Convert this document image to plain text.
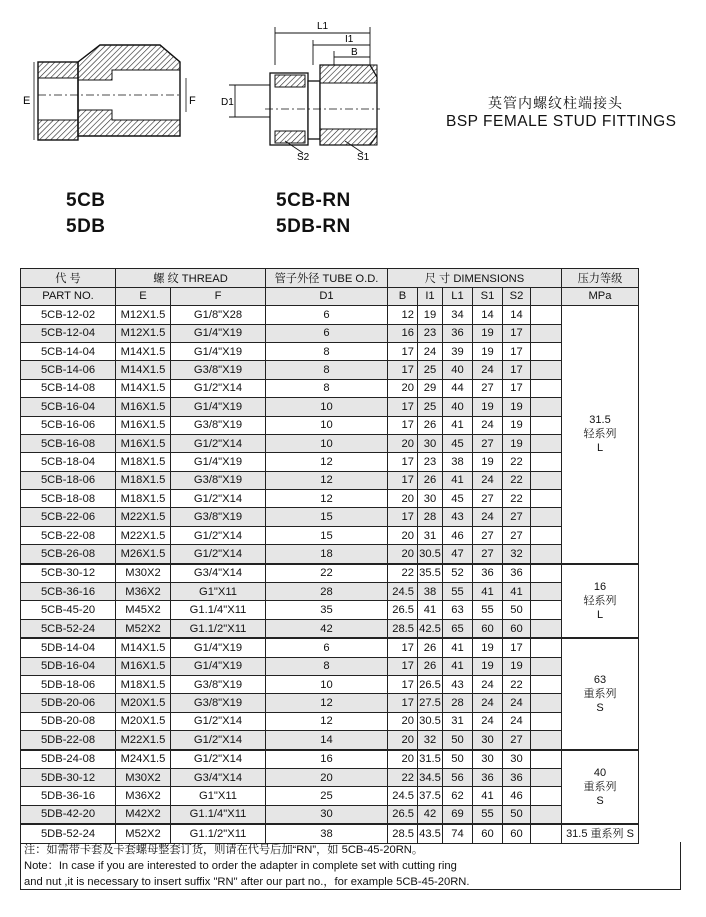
E	F
L1
I1
B
D1
S2	S1
英管内螺纹柱端接头
BSP FEMALE STUD FITTINGS
5CB
5DB
5CB-RN
5DB-RN
代 号	螺 纹 THREAD		管子外径 TUBE O.D.	尺 寸 DIMENSIONS						压力等级
PART NO.	E	F	D1	B	I1	L1	S1	S2		MPa
5CB-12-02	M12X1.5	G1/8"X28	6	12	19	34	14	14		31.5
轻系列
L

5CB-12-04	M12X1.5	G1/4"X19	6	16	23	36	19	17		
5CB-14-04	M14X1.5	G1/4"X19	8	17	24	39	19	17		
5CB-14-06	M14X1.5	G3/8"X19	8	17	25	40	24	17		
5CB-14-08	M14X1.5	G1/2"X14	8	20	29	44	27	17		
5CB-16-04	M16X1.5	G1/4"X19	10	17	25	40	19	19		
5CB-16-06	M16X1.5	G3/8"X19	10	17	26	41	24	19		
5CB-16-08	M16X1.5	G1/2"X14	10	20	30	45	27	19		
5CB-18-04	M18X1.5	G1/4"X19	12	17	23	38	19	22		
5CB-18-06	M18X1.5	G3/8"X19	12	17	26	41	24	22		
5CB-18-08	M18X1.5	G1/2"X14	12	20	30	45	27	22		
5CB-22-06	M22X1.5	G3/8"X19	15	17	28	43	24	27		
5CB-22-08	M22X1.5	G1/2"X14	15	20	31	46	27	27		
5CB-26-08	M26X1.5	G1/2"X14	18	20	30.5	47	27	32		
5CB-30-12	M30X2	G3/4"X14	22	22	35.5	52	36	36		16
轻系列
L

5CB-36-16	M36X2	G1"X11	28	24.5	38	55	41	41		
5CB-45-20	M45X2	G1.1/4"X11	35	26.5	41	63	55	50		
5CB-52-24	M52X2	G1.1/2"X11	42	28.5	42.5	65	60	60		
5DB-14-04	M14X1.5	G1/4"X19	6	17	26	41	19	17		63
重系列
S

5DB-16-04	M16X1.5	G1/4"X19	8	17	26	41	19	19		
5DB-18-06	M18X1.5	G3/8"X19	10	17	26.5	43	24	22		
5DB-20-06	M20X1.5	G3/8"X19	12	17	27.5	28	24	24		
5DB-20-08	M20X1.5	G1/2"X14	12	20	30.5	31	24	24		
5DB-22-08	M22X1.5	G1/2"X14	14	20	32	50	30	27		
5DB-24-08	M24X1.5	G1/2"X14	16	20	31.5	50	30	30		40
重系列
S

5DB-30-12	M30X2	G3/4"X14	20	22	34.5	56	36	36		
5DB-36-16	M36X2	G1"X11	25	24.5	37.5	62	41	46		
5DB-42-20	M42X2	G1.1/4"X11	30	26.5	42	69	55	50		
5DB-52-24	M52X2	G1.1/2"X11	38	28.5	43.5	74	60	60		31.5 重系列 S
注：如需带卡套及卡套螺母整套订货，则请在代号后加“RN”，如 5CB-45-20RN。
Note：In case if you are interested to order the adapter in complete set with cutting ring
and nut ,it is necessary to insert suffix "RN" after our part no.，for example 5CB-45-20RN.
